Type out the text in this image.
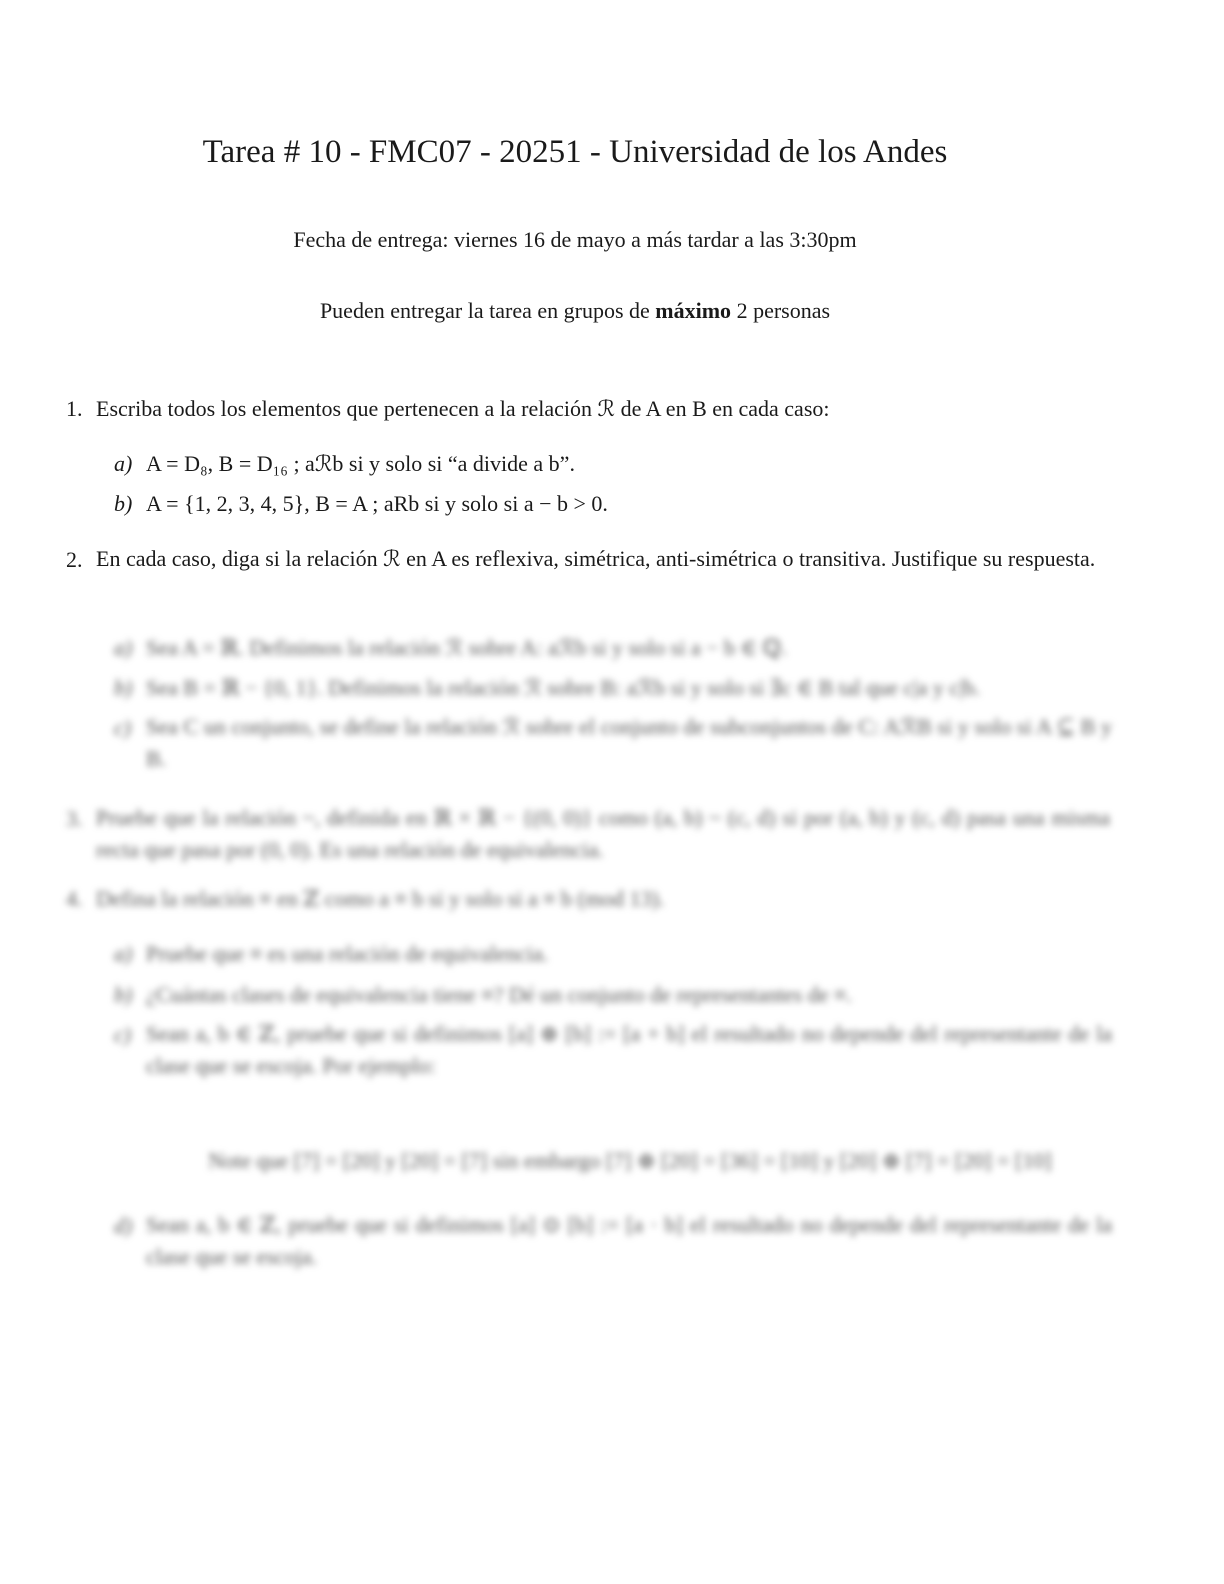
Tarea # 10 - FMC07 - 20251 - Universidad de los Andes
Fecha de entrega: viernes 16 de mayo a más tardar a las 3:30pm
Pueden entregar la tarea en grupos de máximo 2 personas
1. Escriba todos los elementos que pertenecen a la relación ℛ de A en B en cada caso:
a) A = D₈, B = D₁₆ ; aℛb si y solo si “a divide a b”.
b) A = {1, 2, 3, 4, 5}, B = A ; aRb si y solo si a − b > 0.
2. En cada caso, diga si la relación ℛ en A es reflexiva, simétrica, anti-simétrica o transitiva. Justifique su respuesta.
a) Sea A = ℝ. Definimos la relación ℛ sobre A: aℛb si y solo si a − b ∈ ℚ.
b) Sea B = ℝ − {0, 1}. Definimos la relación ℛ sobre B: aℛb si y solo si ∃c ∈ B tal que c|a y c|b.
c) Sea C un conjunto, se define la relación ℛ sobre el conjunto de subconjuntos de C: AℛB si y solo si A ⊆ B y B.
3. Pruebe que la relación ~, definida en ℝ × ℝ − {(0, 0)} como (a, b) ~ (c, d) si por (a, b) y (c, d) pasa una misma recta que pasa por (0, 0). Es una relación de equivalencia.
4. Defina la relación ≡ en ℤ como a ≡ b si y solo si a ≡ b (mod 13).
a) Pruebe que ≡ es una relación de equivalencia.
b) ¿Cuántas clases de equivalencia tiene ≡? Dé un conjunto de representantes de ≡.
c) Sean a, b ∈ ℤ, pruebe que si definimos [a] ⊕ [b] := [a + b] el resultado no depende del representante de la clase que se escoja. Por ejemplo:
Note que [7] = [20] y [20] = [7] sin embargo [7] ⊕ [20] = [36] = [10] y [20] ⊕ [7] = [20] = [10]
d) Sean a, b ∈ ℤ, pruebe que si definimos [a] ⊙ [b] := [a · b] el resultado no depende del representante de la clase que se escoja.
